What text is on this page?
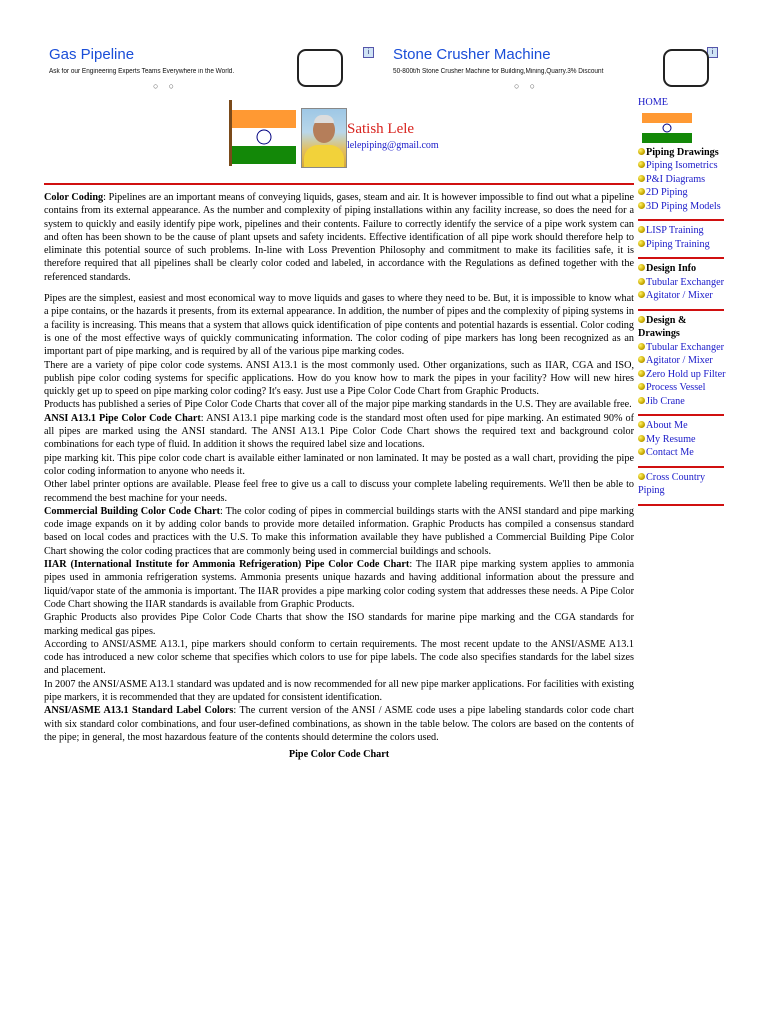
Gas Pipeline
Ask for our Engineering Experts Teams Everywhere in the World.
○ ○
i	Stone Crusher Machine
50-800t/h Stone Crusher Machine for Building,Mining,Quarry.3% Discount
○ ○
i
Satish Lele
lelepiping@gmail.com

Color Coding: Pipelines are an important means of conveying liquids, gases, steam and air. It is however impossible to find out what a pipeline contains from its external appearance. As the number and complexity of piping installations within any facility increase, so does the need for a system to quickly and easily identify pipe work, pipelines and their contents. Failure to correctly identify the service of a pipe work system can and often has been shown to be the cause of plant upsets and safety incidents. Effective identification of all pipe work should therefore help to eliminate this potential source of such problems. In-line with Loss Prevention Philosophy and commitment to make its facilities safe, it is therefore required that all pipelines shall be clearly color coded and labeled, in accordance with the Regulations as defined together with the referenced standards.

Pipes are the simplest, easiest and most economical way to move liquids and gases to where they need to be. But, it is impossible to know what a pipe contains, or the hazards it presents, from its external appearance. In addition, the number of pipes and the complexity of piping systems in a facility is increasing. This means that a system that allows quick identification of pipe contents and potential hazards is essential. Color coding is one of the most effective ways of quickly communicating information. The color coding of pipe markers has long been recognized as an important part of pipe marking, and is required by all of the various pipe marking codes.

There are a variety of pipe color code systems. ANSI A13.1 is the most commonly used. Other organizations, such as IIAR, CGA and ISO, publish pipe color coding systems for specific applications. How do you know how to mark the pipes in your facility? How will new hires quickly get up to speed on pipe marking color coding? It's easy. Just use a Pipe Color Code Chart from Graphic Products.

Products has published a series of Pipe Color Code Charts that cover all of the major pipe marking standards in the U.S. They are available free.

ANSI A13.1 Pipe Color Code Chart: ANSI A13.1 pipe marking code is the standard most often used for pipe marking. An estimated 90% of all pipes are marked using the ANSI standard. The ANSI A13.1 Pipe Color Code Chart shows the required text and background color combinations for each type of fluid. In addition it shows the required label size and locations.

pipe marking kit. This pipe color code chart is available either laminated or non laminated. It may be posted as a wall chart, providing the pipe color coding information to anyone who needs it.

Other label printer options are available. Please feel free to give us a call to discuss your complete labeling requirements. We'll then be able to recommend the best machine for your needs.

Commercial Building Color Code Chart: The color coding of pipes in commercial buildings starts with the ANSI standard and pipe marking code image expands on it by adding color bands to provide more detailed information. Graphic Products has compiled a consensus standard based on local codes and practices with the U.S. To make this information available they have published a Commercial Building Pipe Color Chart showing the color coding practices that are commonly being used in commercial buildings and schools.

IIAR (International Institute for Ammonia Refrigeration) Pipe Color Code Chart: The IIAR pipe marking system applies to ammonia pipes used in ammonia refrigeration systems. Ammonia presents unique hazards and having additional information about the pressure and liquid/vapor state of the ammonia is important. The IIAR provides a pipe marking color coding system that addresses these needs. A Pipe Color Code Chart showing the IIAR standards is available from Graphic Products.

Graphic Products also provides Pipe Color Code Charts that show the ISO standards for marine pipe marking and the CGA standards for marking medical gas pipes.

According to ANSI/ASME A13.1, pipe markers should conform to certain requirements. The most recent update to the ANSI/ASME A13.1 code has introduced a new color scheme that specifies which colors to use for pipe labels. The code also specifies standards for the label sizes and placement.

In 2007 the ANSI/ASME A13.1 standard was updated and is now recommended for all new pipe marker applications. For facilities with existing pipe markers, it is recommended that they are updated for consistent identification.

ANSI/ASME A13.1 Standard Label Colors: The current version of the ANSI / ASME code uses a pipe labeling standards color code chart with six standard color combinations, and four user-defined combinations, as shown in the table below. The colors are based on the contents of the pipe; in general, the most hazardous feature of the contents should determine the colors used.

Pipe Color Code Chart

HOME
Piping Drawings
Piping Isometrics
P&I Diagrams
2D Piping
3D Piping Models
LISP Training
Piping Training
Design Info
Tubular Exchanger
Agitator / Mixer
Design & Drawings
Tubular Exchanger
Agitator / Mixer
Zero Hold up Filter
Process Vessel
Jib Crane
About Me
My Resume
Contact Me
Cross Country Piping
